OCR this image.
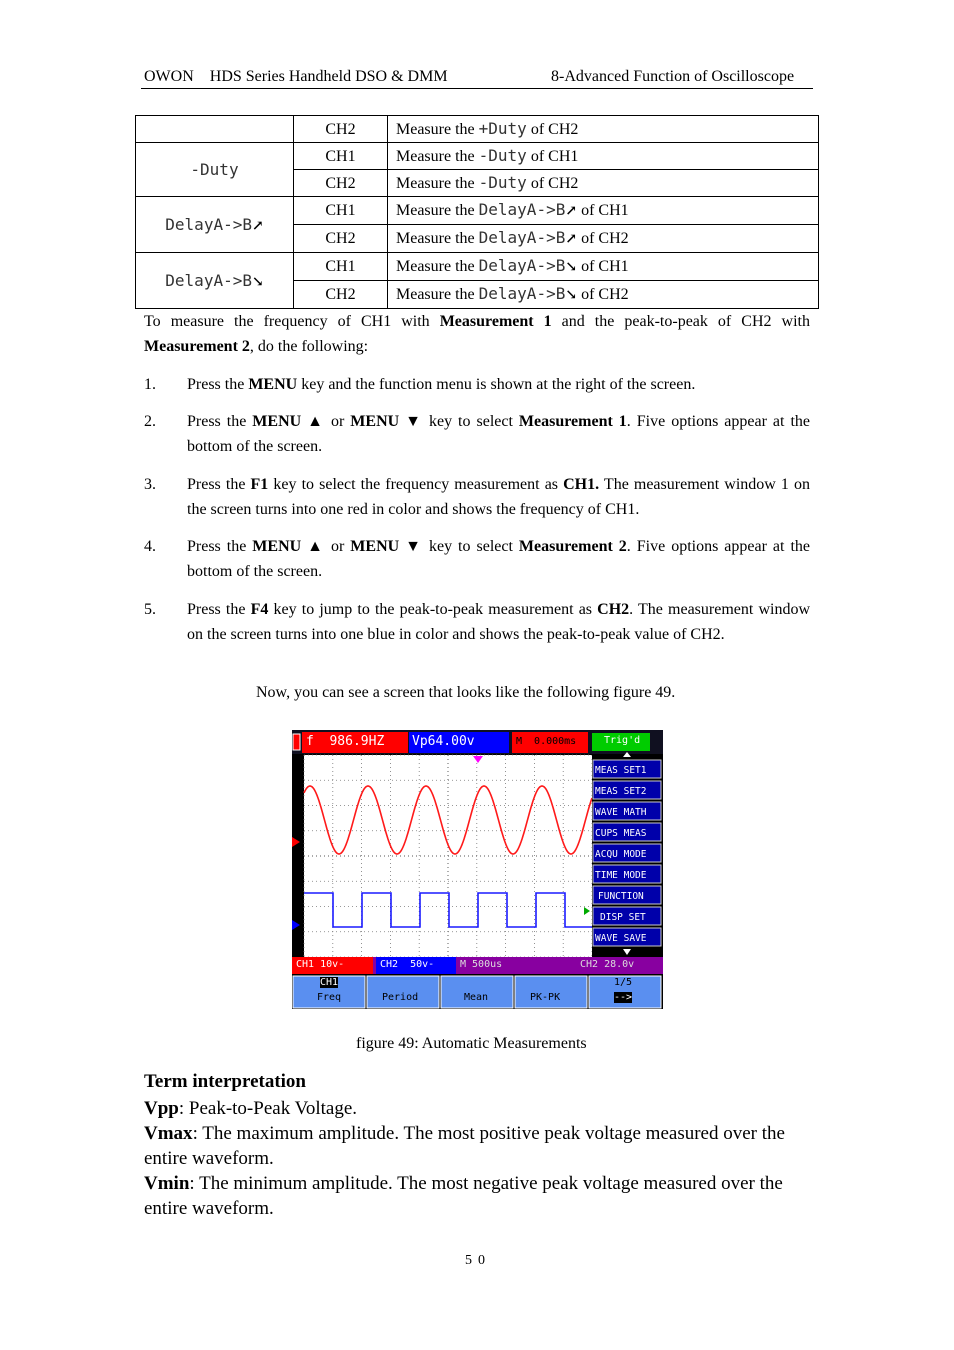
OWON    HDS Series Handheld DSO & DMM	8-Advanced Function of Oscilloscope
	CH2	Measure the +Duty of CH2
-Duty	CH1	Measure the -Duty of CH1
	CH2	Measure the -Duty of CH2
DelayA->B↗	CH1	Measure the DelayA->B↗ of CH1
	CH2	Measure the DelayA->B↗ of CH2
DelayA->B↘	CH1	Measure the DelayA->B↘ of CH1
	CH2	Measure the DelayA->B↘ of CH2
To measure the frequency of CH1 with Measurement 1 and the peak-to-peak of CH2 with Measurement 2, do the following:
1. Press the MENU key and the function menu is shown at the right of the screen.
2. Press the MENU ▲ or MENU ▼ key to select Measurement 1. Five options appear at the bottom of the screen.
3. Press the F1 key to select the frequency measurement as CH1. The measurement window 1 on the screen turns into one red in color and shows the frequency of CH1.
4. Press the MENU ▲ or MENU ▼ key to select Measurement 2. Five options appear at the bottom of the screen.
5. Press the F4 key to jump to the peak-to-peak measurement as CH2. The measurement window on the screen turns into one blue in color and shows the peak-to-peak value of CH2.
Now, you can see a screen that looks like the following figure 49.
f  986.9HZ Vp64.00v	M  0.000ms	Trig'd
MEAS SET1
MEAS SET2
WAVE MATH
CUPS MEAS
ACQU MODE
TIME MODE
FUNCTION
DISP SET
WAVE SAVE
CH1 10v-	CH2  50v-	M 500us	CH2 28.0v
CH1
Freq	Period	Mean	PK-PK
1/5
-->
figure 49: Automatic Measurements
Term interpretation
Vpp: Peak-to-Peak Voltage.
Vmax: The maximum amplitude. The most positive peak voltage measured over the entire waveform.
Vmin: The minimum amplitude. The most negative peak voltage measured over the entire waveform.
50
